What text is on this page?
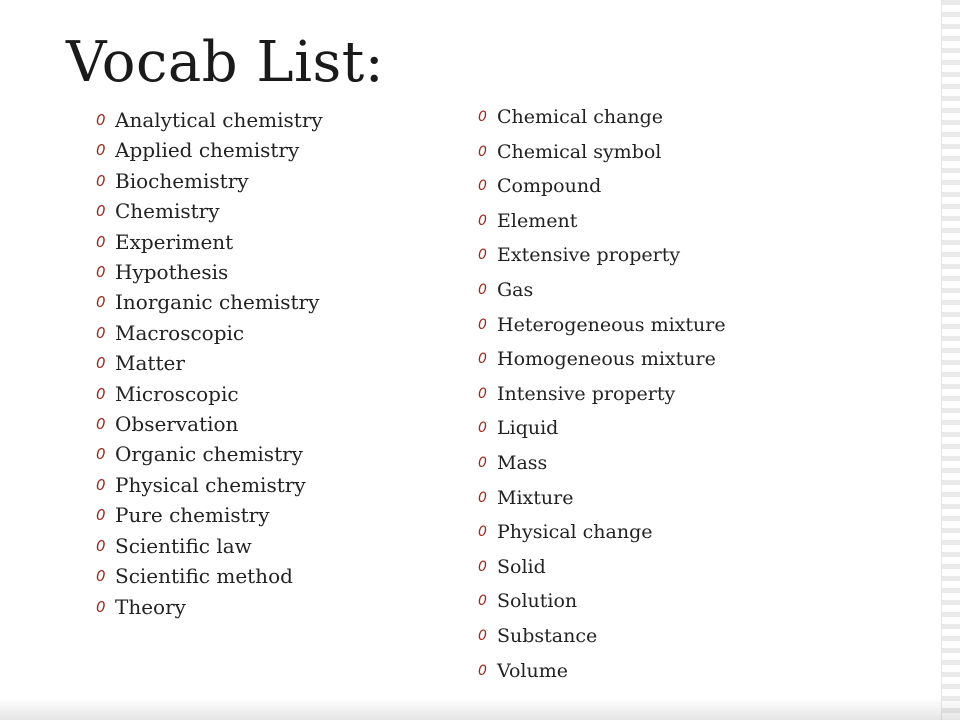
Vocab List:
0 Analytical chemistry
0 Applied chemistry
0 Biochemistry
0 Chemistry
0 Experiment
0 Hypothesis
0 Inorganic chemistry
0 Macroscopic
0 Matter
0 Microscopic
0 Observation
0 Organic chemistry
0 Physical chemistry
0 Pure chemistry
0 Scientific law
0 Scientific method
0 Theory
0 Chemical change
0 Chemical symbol
0 Compound
0 Element
0 Extensive property
0 Gas
0 Heterogeneous mixture
0 Homogeneous mixture
0 Intensive property
0 Liquid
0 Mass
0 Mixture
0 Physical change
0 Solid
0 Solution
0 Substance
0 Volume
